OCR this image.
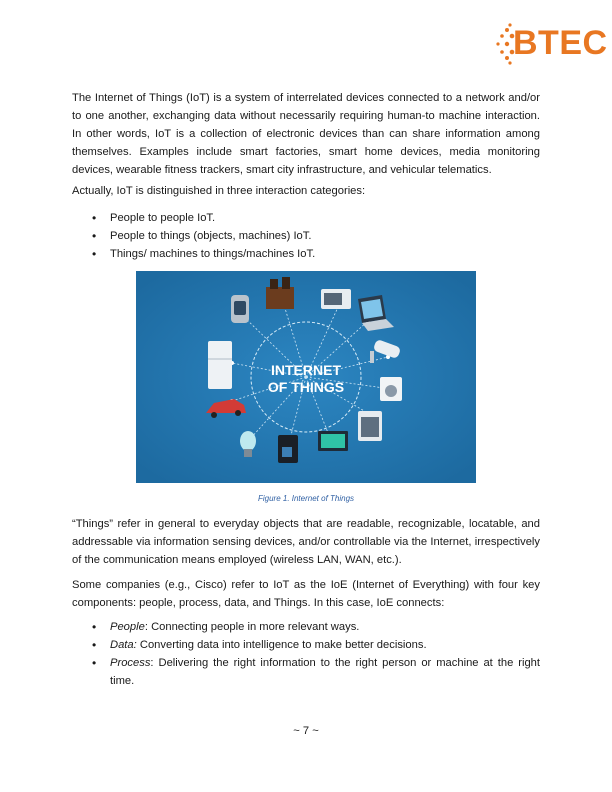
BTEC

The Internet of Things (IoT) is a system of interrelated devices connected to a network and/or to one another, exchanging data without necessarily requiring human-to machine interaction. In other words, IoT is a collection of electronic devices than can share information among themselves. Examples include smart factories, smart home devices, media monitoring devices, wearable fitness trackers, smart city infrastructure, and vehicular telematics.

Actually, IoT is distinguished in three interaction categories:

• People to people IoT.
• People to things (objects, machines) IoT.
• Things/ machines to things/machines IoT.
INTERNET
OF THINGS
Figure 1. Internet of Things

“Things” refer in general to everyday objects that are readable, recognizable, locatable, and addressable via information sensing devices, and/or controllable via the Internet, irrespectively of the communication means employed (wireless LAN, WAN, etc.).

Some companies (e.g., Cisco) refer to IoT as the IoE (Internet of Everything) with four key components: people, process, data, and Things. In this case, IoE connects:

• People: Connecting people in more relevant ways.
• Data: Converting data into intelligence to make better decisions.
• Process: Delivering the right information to the right person or machine at the right time.
~ 7 ~
